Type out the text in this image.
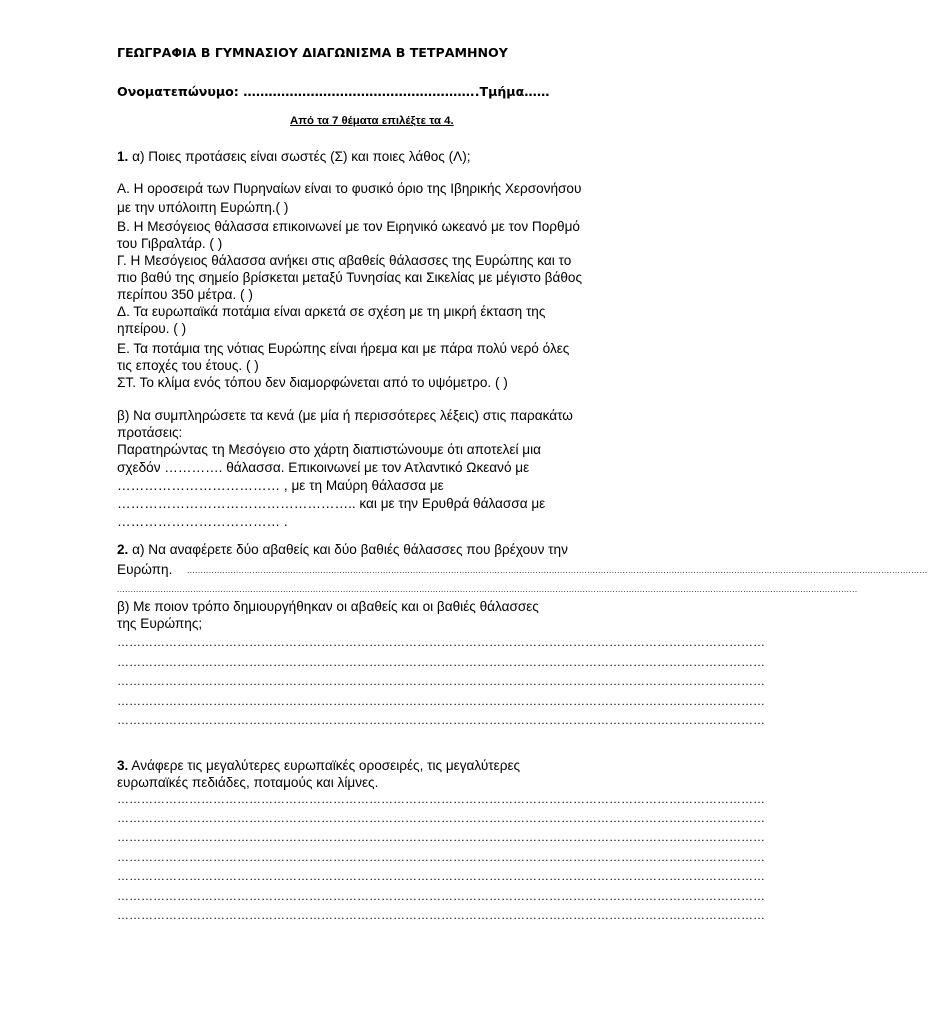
ΓΕΩΓΡΑΦΙΑ Β ΓΥΜΝΑΣΙΟΥ ΔΙΑΓΩΝΙΣΜΑ Β ΤΕΤΡΑΜΗΝΟΥ
Ονοματεπώνυμο: ………………………………………………..Τμήμα……
Από τα 7 θέματα επιλέξτε τα 4.
1. α) Ποιες προτάσεις είναι σωστές (Σ) και ποιες λάθος (Λ);
Α. Η οροσειρά των Πυρηναίων είναι το φυσικό όριο της Ιβηρικής Χερσονήσου
με την υπόλοιπη Ευρώπη.( )
Β. Η Μεσόγειος θάλασσα επικοινωνεί με τον Ειρηνικό ωκεανό με τον Πορθμό
του Γιβραλτάρ. ( )
Γ. Η Μεσόγειος θάλασσα ανήκει στις αβαθείς θάλασσες της Ευρώπης και το
πιο βαθύ της σημείο βρίσκεται μεταξύ Τυνησίας και Σικελίας με μέγιστο βάθος
περίπου 350 μέτρα. ( )
Δ. Τα ευρωπαϊκά ποτάμια είναι αρκετά σε σχέση με τη μικρή έκταση της
ηπείρου. ( )
Ε. Τα ποτάμια της νότιας Ευρώπης είναι ήρεμα και με πάρα πολύ νερό όλες
τις εποχές του έτους. ( )
ΣΤ. Το κλίμα ενός τόπου δεν διαμορφώνεται από το υψόμετρο. ( )
β) Να συμπληρώσετε τα κενά (με μία ή περισσότερες λέξεις) στις παρακάτω
προτάσεις:
Παρατηρώντας τη Μεσόγειο στο χάρτη διαπιστώνουμε ότι αποτελεί μια
σχεδόν …………. θάλασσα. Επικοινωνεί με τον Ατλαντικό Ωκεανό με
……………………………… , με τη Μαύρη θάλασσα με
…………………………………………….. και με την Ερυθρά θάλασσα με
……………………………… .
2. α) Να αναφέρετε δύο αβαθείς και δύο βαθιές θάλασσες που βρέχουν την
Ευρώπη. ................................................................................................................................................................................................................................................................................
................................................................................................................................................................................................................................................................................
β) Με ποιον τρόπο δημιουργήθηκαν οι αβαθείς και οι βαθιές θάλασσες
της Ευρώπης;
………………………………………………………………………………………………………………………………………………
………………………………………………………………………………………………………………………………………………
………………………………………………………………………………………………………………………………………………
………………………………………………………………………………………………………………………………………………
………………………………………………………………………………………………………………………………………………
3. Ανάφερε τις μεγαλύτερες ευρωπαϊκές οροσειρές, τις μεγαλύτερες
ευρωπαϊκές πεδιάδες, ποταμούς και λίμνες.
………………………………………………………………………………………………………………………………………………
………………………………………………………………………………………………………………………………………………
………………………………………………………………………………………………………………………………………………
………………………………………………………………………………………………………………………………………………
………………………………………………………………………………………………………………………………………………
………………………………………………………………………………………………………………………………………………
………………………………………………………………………………………………………………………………………………
